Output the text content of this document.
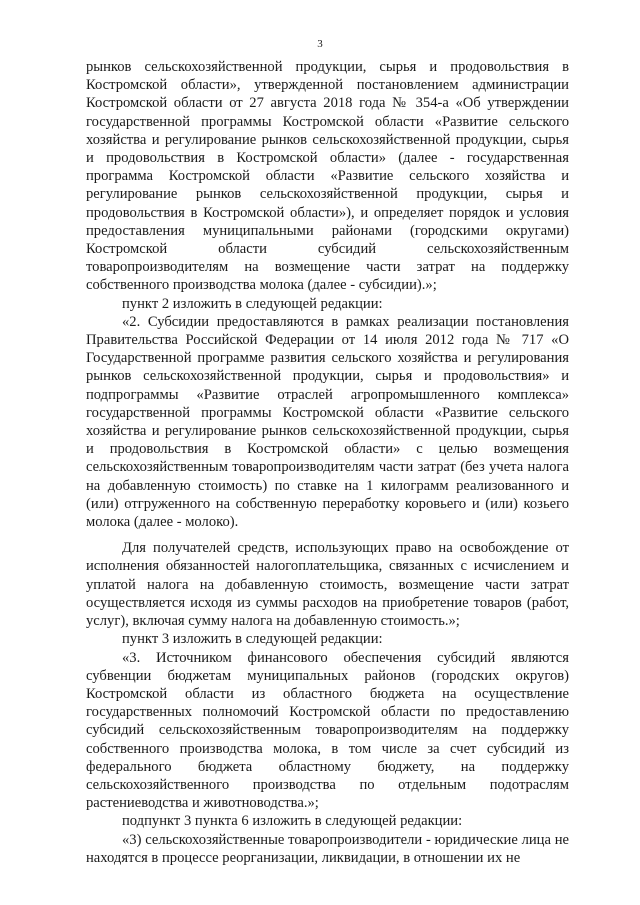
3

рынков сельскохозяйственной продукции, сырья и продовольствия в Костромской области», утвержденной постановлением администрации Костромской области от 27 августа 2018 года № 354-а «Об утверждении государственной программы Костромской области «Развитие сельского хозяйства и регулирование рынков сельскохозяйственной продукции, сырья и продовольствия в Костромской области» (далее - государственная программа Костромской области «Развитие сельского хозяйства и регулирование рынков сельскохозяйственной продукции, сырья и продовольствия в Костромской области»), и определяет порядок и условия предоставления муниципальными районами (городскими округами) Костромской области субсидий сельскохозяйственным товаропроизводителям на возмещение части затрат на поддержку собственного производства молока (далее - субсидии).»;

пункт 2 изложить в следующей редакции:

«2. Субсидии предоставляются в рамках реализации постановления Правительства Российской Федерации от 14 июля 2012 года № 717 «О Государственной программе развития сельского хозяйства и регулирования рынков сельскохозяйственной продукции, сырья и продовольствия» и подпрограммы «Развитие отраслей агропромышленного комплекса» государственной программы Костромской области «Развитие сельского хозяйства и регулирование рынков сельскохозяйственной продукции, сырья и продовольствия в Костромской области» с целью возмещения сельскохозяйственным товаропроизводителям части затрат (без учета налога на добавленную стоимость) по ставке на 1 килограмм реализованного и (или) отгруженного на собственную переработку коровьего и (или) козьего молока (далее - молоко).

Для получателей средств, использующих право на освобождение от исполнения обязанностей налогоплательщика, связанных с исчислением и уплатой налога на добавленную стоимость, возмещение части затрат осуществляется исходя из суммы расходов на приобретение товаров (работ, услуг), включая сумму налога на добавленную стоимость.»;

пункт 3 изложить в следующей редакции:

«3. Источником финансового обеспечения субсидий являются субвенции бюджетам муниципальных районов (городских округов) Костромской области из областного бюджета на осуществление государственных полномочий Костромской области по предоставлению субсидий сельскохозяйственным товаропроизводителям на поддержку собственного производства молока, в том числе за счет субсидий из федерального бюджета областному бюджету, на поддержку сельскохозяйственного производства по отдельным подотраслям растениеводства и животноводства.»;

подпункт 3 пункта 6 изложить в следующей редакции:

«3) сельскохозяйственные товаропроизводители - юридические лица не находятся в процессе реорганизации, ликвидации, в отношении их не
